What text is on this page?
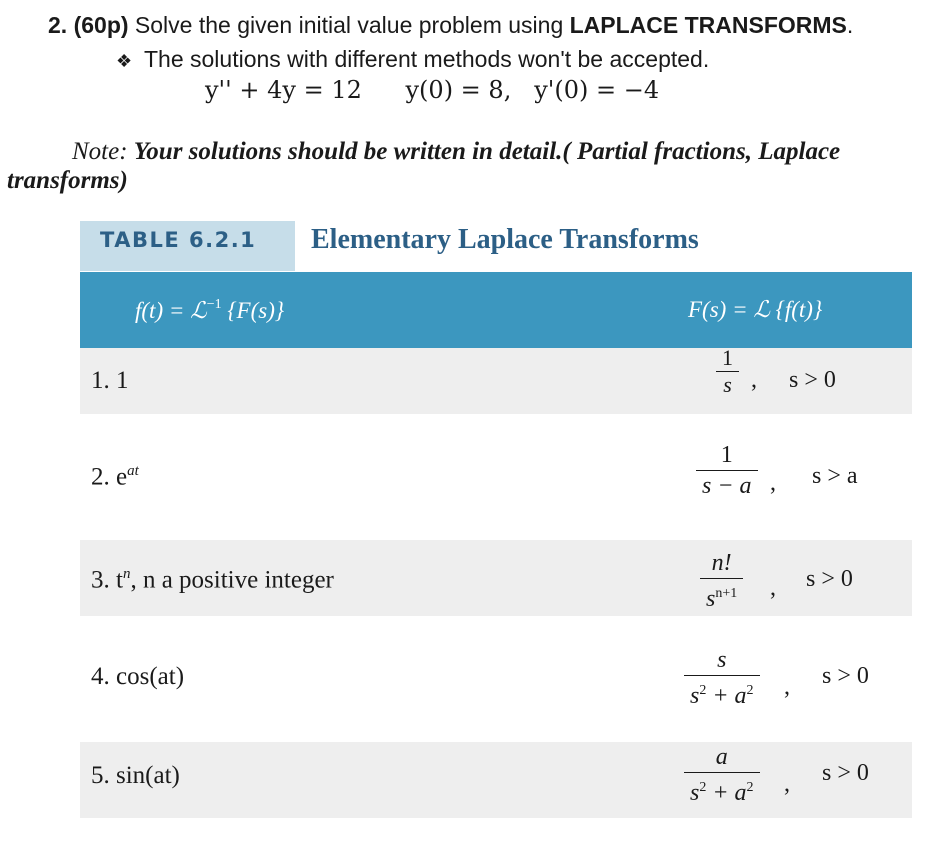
2. (60p) Solve the given initial value problem using LAPLACE TRANSFORMS.
❖ The solutions with different methods won't be accepted.
y'' + 4y = 12 y(0) = 8, y'(0) = −4
Note: Your solutions should be written in detail.( Partial fractions, Laplace
transforms)
TABLE 6.2.1 Elementary Laplace Transforms
f(t) = ℒ$^{-1}$ {F(s)}	F(s) = ℒ {f(t)}
1. 1	$\frac{1}{s}$ , s > 0
2. $e^{at}$	$\frac{1}{s - a}$ , s > a
3. $t^n$, n a positive integer	$\frac{n!}{s^{n+1}}$ , s > 0
4. cos(at)	$\frac{s}{s^2 + a^2}$ , s > 0
5. sin(at)	$\frac{a}{s^2 + a^2}$ , s > 0
